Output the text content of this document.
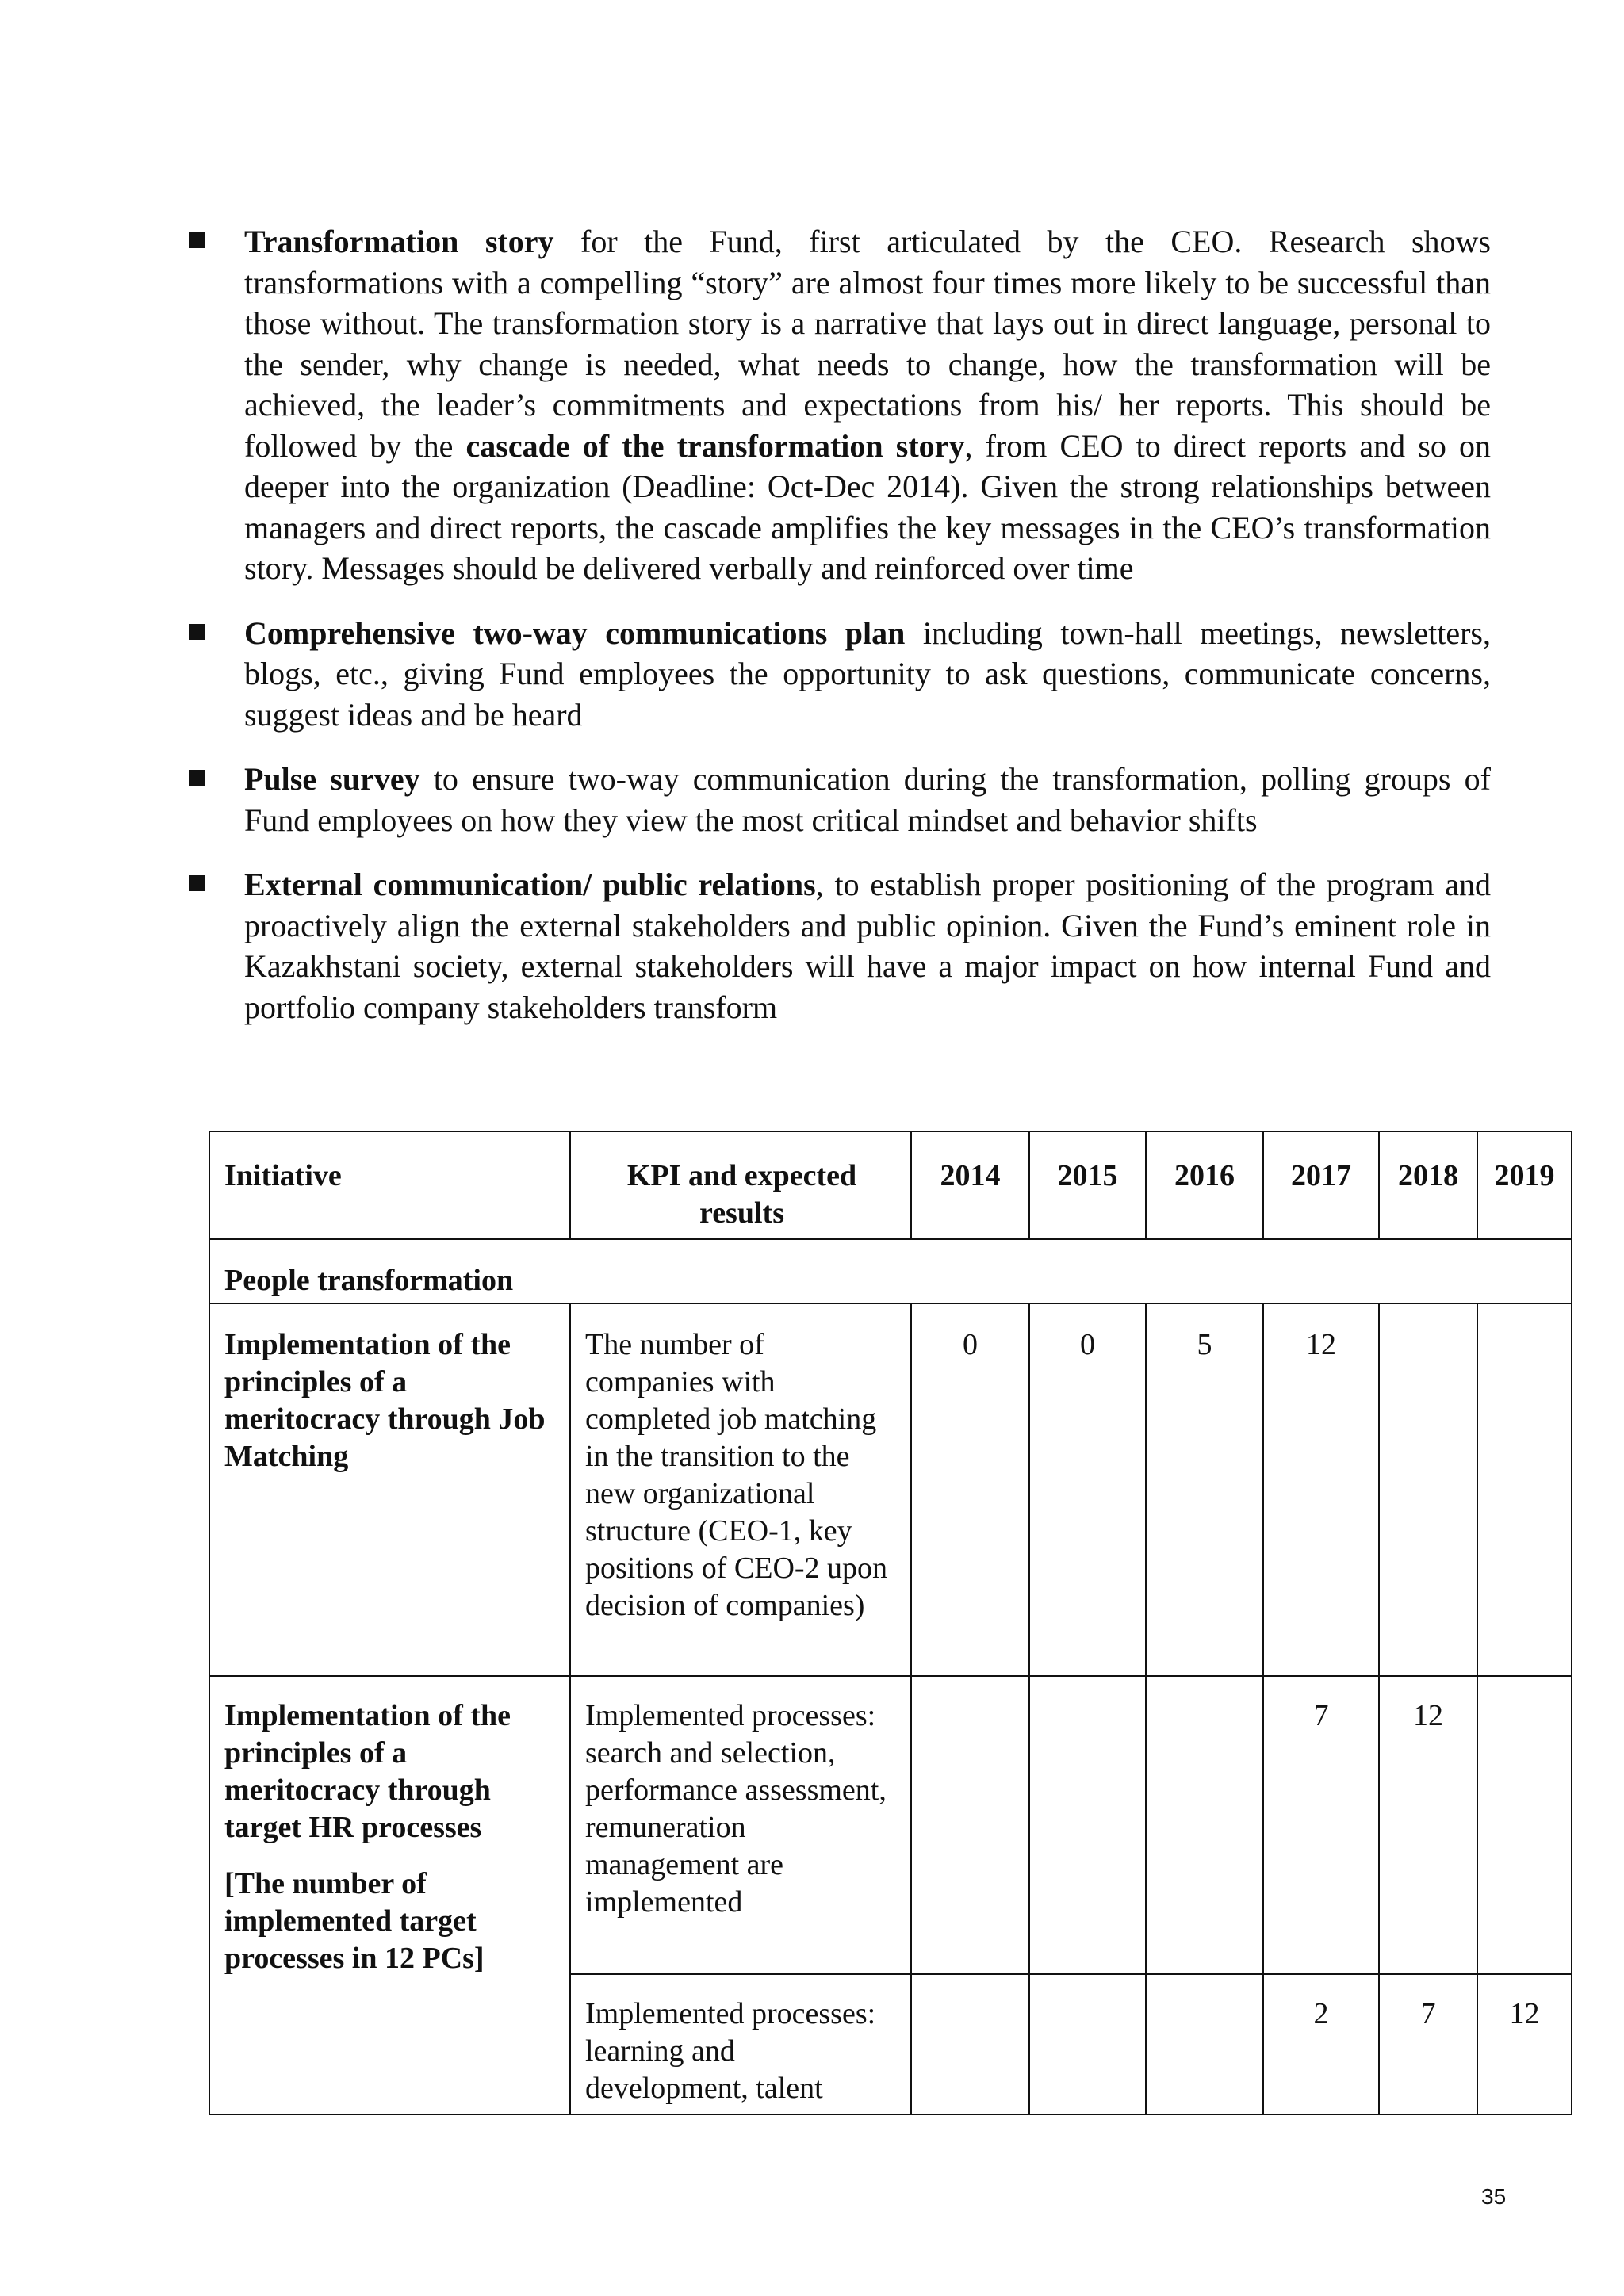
Transformation story for the Fund, first articulated by the CEO. Research shows transformations with a compelling “story” are almost four times more likely to be successful than those without. The transformation story is a narrative that lays out in direct language, personal to the sender, why change is needed, what needs to change, how the transformation will be achieved, the leader’s commitments and expectations from his/ her reports. This should be followed by the cascade of the transformation story, from CEO to direct reports and so on deeper into the organization (Deadline: Oct-Dec 2014). Given the strong relationships between managers and direct reports, the cascade amplifies the key messages in the CEO’s transformation story. Messages should be delivered verbally and reinforced over time

Comprehensive two-way communications plan including town-hall meetings, newsletters, blogs, etc., giving Fund employees the opportunity to ask questions, communicate concerns, suggest ideas and be heard

Pulse survey to ensure two-way communication during the transformation, polling groups of Fund employees on how they view the most critical mindset and behavior shifts

External communication/ public relations, to establish proper positioning of the program and proactively align the external stakeholders and public opinion. Given the Fund’s eminent role in Kazakhstani society, external stakeholders will have a major impact on how internal Fund and portfolio company stakeholders transform

Initiative	KPI and expected results	2014	2015	2016	2017	2018	2019
People transformation							
Implementation of the principles of a meritocracy through Job Matching	The number of companies with completed job matching in the transition to the new organizational structure (CEO-1, key positions of CEO-2 upon decision of companies)	0	0	5	12		
Implementation of the principles of a meritocracy through target HR processes
[The number of implemented target processes in 12 PCs]	Implemented processes: search and selection, performance assessment, remuneration management are implemented				7	12	
	Implemented processes: learning and development, talent				2	7	12
35
